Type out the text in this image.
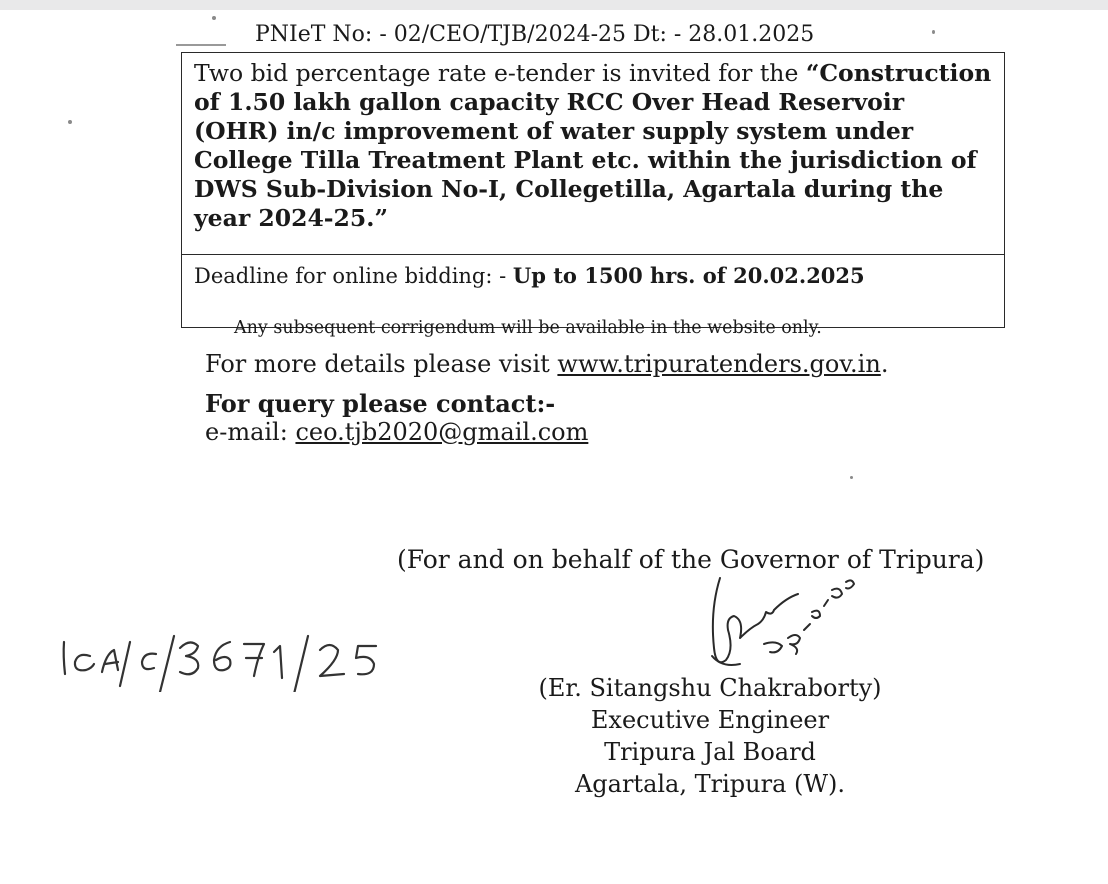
PNIeT No: - 02/CEO/TJB/2024-25 Dt: - 28.01.2025
Two bid percentage rate e-tender is invited for the “Construction of 1.50 lakh gallon capacity RCC Over Head Reservoir (OHR) in/c improvement of water supply system under College Tilla Treatment Plant etc. within the jurisdiction of DWS Sub-Division No-I, Collegetilla, Agartala during the year 2024-25.”
Deadline for online bidding: - Up to 1500 hrs. of 20.02.2025
Any subsequent corrigendum will be available in the website only.
For more details please visit www.tripuratenders.gov.in.
For query please contact:-
e-mail: ceo.tjb2020@gmail.com
(For and on behalf of the Governor of Tripura)
(Er. Sitangshu Chakraborty)
Executive Engineer
Tripura Jal Board
Agartala, Tripura (W).
